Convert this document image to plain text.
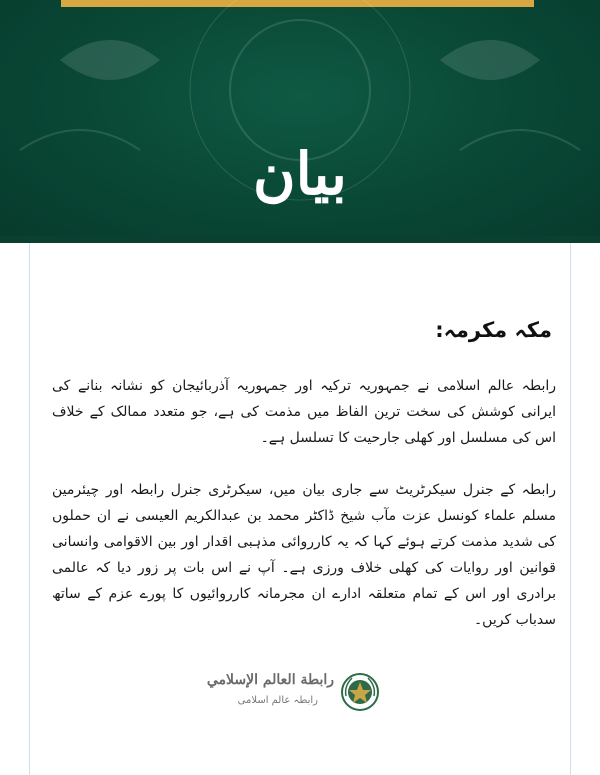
بیان
مکہ مکرمہ:
رابطہ عالم اسلامی نے جمہوریہ ترکیہ اور جمہوریہ آذربائیجان کو نشانہ بنانے کی ایرانی کوشش کی سخت ترین الفاظ میں مذمت کی ہے، جو متعدد ممالک کے خلاف اس کی مسلسل اور کھلی جارحیت کا تسلسل ہے۔
رابطہ کے جنرل سیکرٹریٹ سے جاری بیان میں، سیکرٹری جنرل رابطہ اور چیئرمین مسلم علماء کونسل عزت مآب شیخ ڈاکٹر محمد بن عبدالکریم العیسی نے ان حملوں کی شدید مذمت کرتے ہوئے کہا کہ یہ کارروائی مذہبی اقدار اور بین الاقوامی وانسانی قوانین اور روایات کی کھلی خلاف ورزی ہے۔ آپ نے اس بات پر زور دیا کہ عالمی برادری اور اس کے تمام متعلقہ ادارے ان مجرمانہ کارروائیوں کا پورے عزم کے ساتھ سدباب کریں۔
رابطة العالم الإسلامي
رابطہ عالم اسلامی
